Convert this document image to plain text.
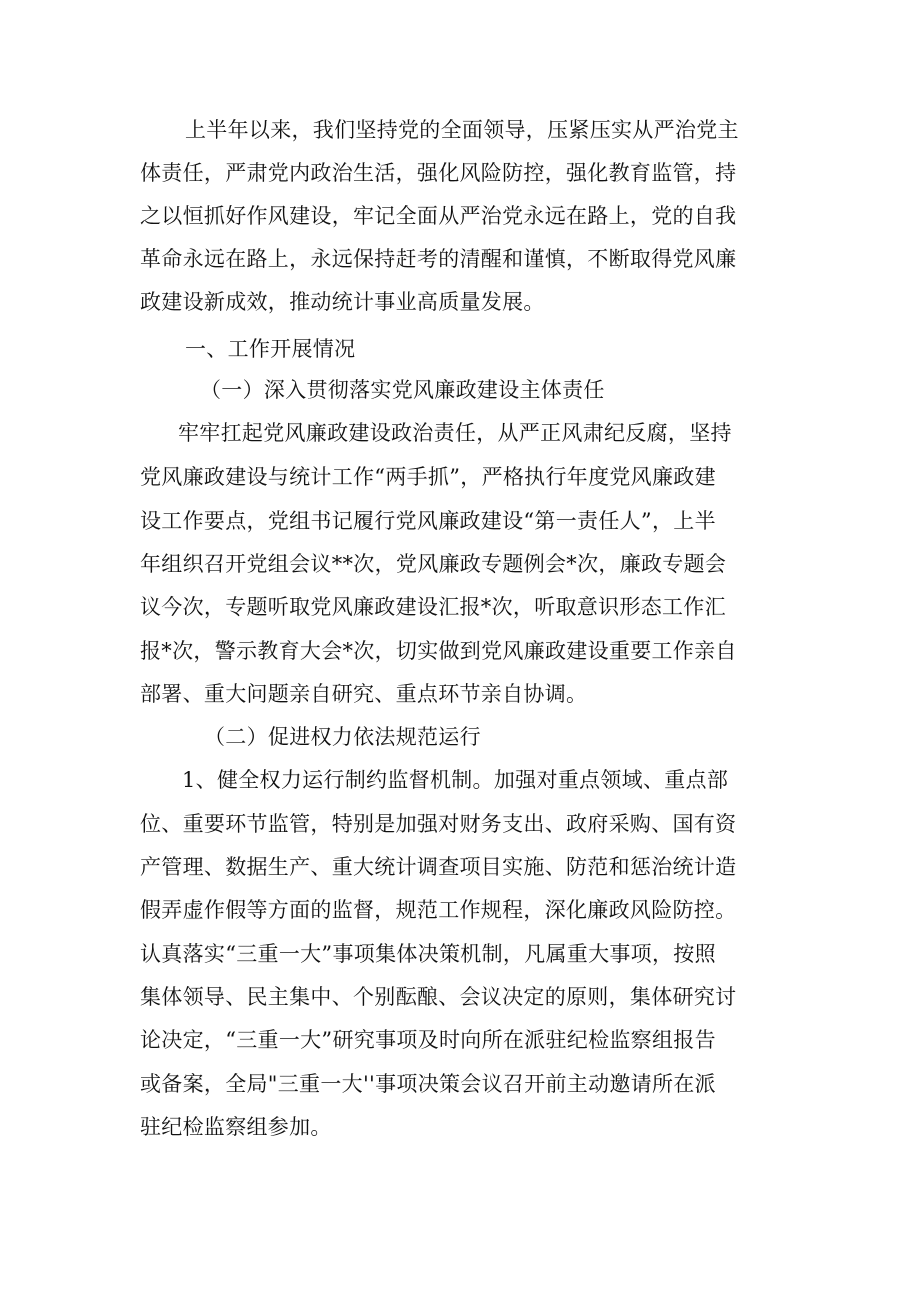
上半年以来，我们坚持党的全面领导，压紧压实从严治党主
体责任，严肃党内政治生活，强化风险防控，强化教育监管，持
之以恒抓好作风建设，牢记全面从严治党永远在路上，党的自我
革命永远在路上，永远保持赶考的清醒和谨慎，不断取得党风廉
政建设新成效，推动统计事业高质量发展。
一、工作开展情况
（一）深入贯彻落实党风廉政建设主体责任
牢牢扛起党风廉政建设政治责任，从严正风肃纪反腐，坚持
党风廉政建设与统计工作“两手抓”，严格执行年度党风廉政建
设工作要点，党组书记履行党风廉政建设“第一责任人”，上半
年组织召开党组会议**次，党风廉政专题例会*次，廉政专题会
议今次，专题听取党风廉政建设汇报*次，听取意识形态工作汇
报*次，警示教育大会*次，切实做到党风廉政建设重要工作亲自
部署、重大问题亲自研究、重点环节亲自协调。
（二）促进权力依法规范运行
1、健全权力运行制约监督机制。加强对重点领域、重点部
位、重要环节监管，特别是加强对财务支出、政府采购、国有资
产管理、数据生产、重大统计调查项目实施、防范和惩治统计造
假弄虚作假等方面的监督，规范工作规程，深化廉政风险防控。
认真落实“三重一大”事项集体决策机制，凡属重大事项，按照
集体领导、民主集中、个别酝酿、会议决定的原则，集体研究讨
论决定，“三重一大”研究事项及时向所在派驻纪检监察组报告
或备案，全局"三重一大''事项决策会议召开前主动邀请所在派
驻纪检监察组参加。
